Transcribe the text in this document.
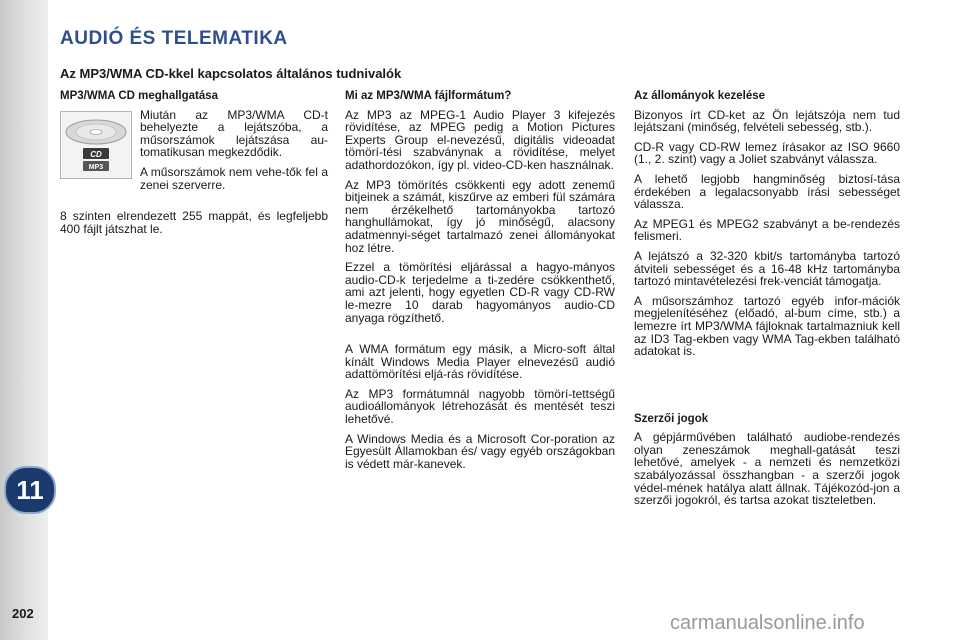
AUDIÓ ÉS TELEMATIKA
Az MP3/WMA CD-kkel kapcsolatos általános tudnivalók
MP3/WMA CD meghallgatása
CD
MP3

Miután az MP3/WMA CD-t behelyezte a lejátszóba, a műsorszámok lejátszása au-tomatikusan megkezdődik.

A műsorszámok nem vehe-tők fel a zenei szerverre.

8 szinten elrendezett 255 mappát, és legfeljebb 400 fájlt játszhat le.

Mi az MP3/WMA fájlformátum?

Az MP3 az MPEG-1 Audio Player 3 kifejezés rövidítése, az MPEG pedig a Motion Pictures Experts Group el-nevezésű, digitális videoadat tömörí-tési szabványnak a rövidítése, melyet adathordozókon, így pl. video-CD-ken használnak.

Az MP3 tömörítés csökkenti egy adott zenemű bitjeinek a számát, kiszűrve az emberi fül számára nem érzékelhető tartományokba tartozó hanghullámokat, így jó minőségű, alacsony adatmennyi-séget tartalmazó zenei állományokat hoz létre.

Ezzel a tömörítési eljárással a hagyo-mányos audio-CD-k terjedelme a ti-zedére csökkenthető, ami azt jelenti, hogy egyetlen CD-R vagy CD-RW le-mezre 10 darab hagyományos audio-CD anyaga rögzíthető.

A WMA formátum egy másik, a Micro-soft által kínált Windows Media Player elnevezésű audió adattömörítési eljá-rás rövidítése.

Az MP3 formátumnál nagyobb tömörí-tettségű audioállományok létrehozását és mentését teszi lehetővé.

A Windows Media és a Microsoft Cor-poration az Egyesült Államokban és/ vagy egyéb országokban is védett már-kanevek.

Az állományok kezelése

Bizonyos írt CD-ket az Ön lejátszója nem tud lejátszani (minőség, felvételi sebesség, stb.).

CD-R vagy CD-RW lemez írásakor az ISO 9660 (1., 2. szint) vagy a Joliet szabványt válassza.

A lehető legjobb hangminőség biztosí-tása érdekében a legalacsonyabb írási sebességet válassza.

Az MPEG1 és MPEG2 szabványt a be-rendezés felismeri.

A lejátszó a 32-320 kbit/s tartományba tartozó átviteli sebességet és a 16-48 kHz tartományba tartozó mintavételezési frek-venciát támogatja.

A műsorszámhoz tartozó egyéb infor-mációk megjelenítéséhez (előadó, al-bum címe, stb.) a lemezre írt MP3/WMA fájloknak tartalmazniuk kell az ID3 Tag-ekben vagy WMA Tag-ekben található adatokat is.

Szerzői jogok

A gépjárművében található audiobe-rendezés olyan zeneszámok meghall-gatását teszi lehetővé, amelyek - a nemzeti és nemzetközi szabályozással összhangban - a szerzői jogok védel-mének hatálya alatt állnak. Tájékozód-jon a szerzői jogokról, és tartsa azokat tiszteletben.

11
202	carmanualsonline.info
